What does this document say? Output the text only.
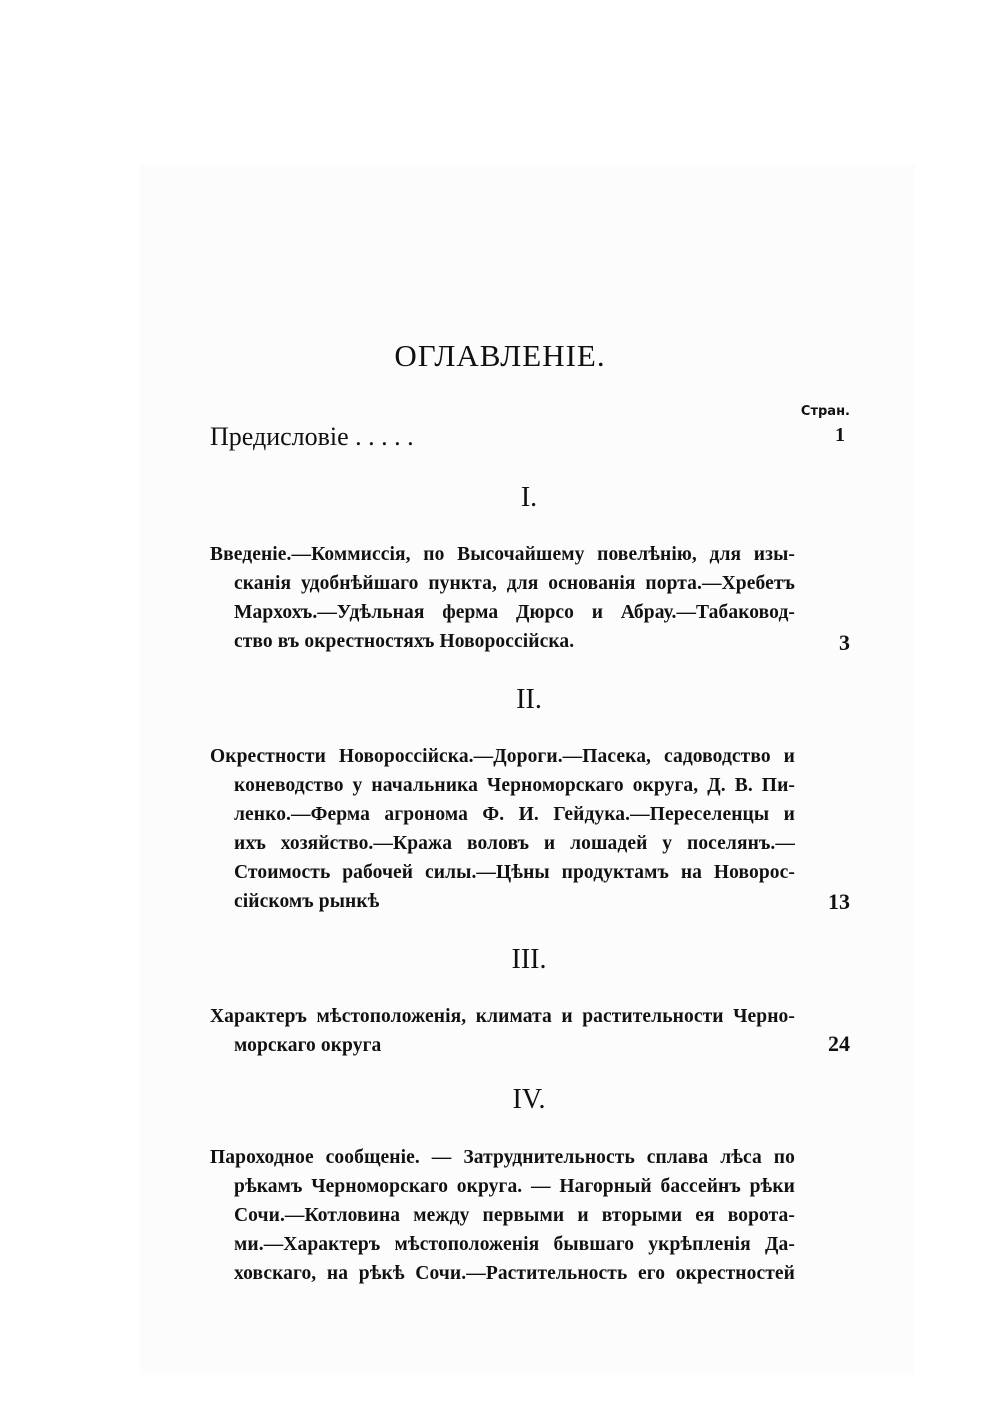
ОГЛАВЛЕНІЕ.
Стран.
Предисловіе . . . . .	1
I.
Введеніе.—Коммиссія, по Высочайшему повелѣнію, для изы-
сканія удобнѣйшаго пункта, для основанія порта.—Хребетъ
Мархохъ.—Удѣльная ферма Дюрсо и Абрау.—Табаковод-
ство въ окрестностяхъ Новороссійска.	3
II.
Окрестности Новороссійска.—Дороги.—Пасека, садоводство и
коневодство у начальника Черноморскаго округа, Д. В. Пи-
ленко.—Ферма агронома Ф. И. Гейдука.—Переселенцы и
ихъ хозяйство.—Кража воловъ и лошадей у поселянъ.—
Стоимость рабочей силы.—Цѣны продуктамъ на Новорос-
сійскомъ рынкѣ	13
III.
Характеръ мѣстоположенія, климата и растительности Черно-
морскаго округа	24
IV.
Пароходное сообщеніе. — Затруднительность сплава лѣса по
рѣкамъ Черноморскаго округа. — Нагорный бассейнъ рѣки
Сочи.—Котловина между первыми и вторыми ея ворота-
ми.—Характеръ мѣстоположенія бывшаго укрѣпленія Да-
ховскаго, на рѣкѣ Сочи.—Растительность его окрестностей
